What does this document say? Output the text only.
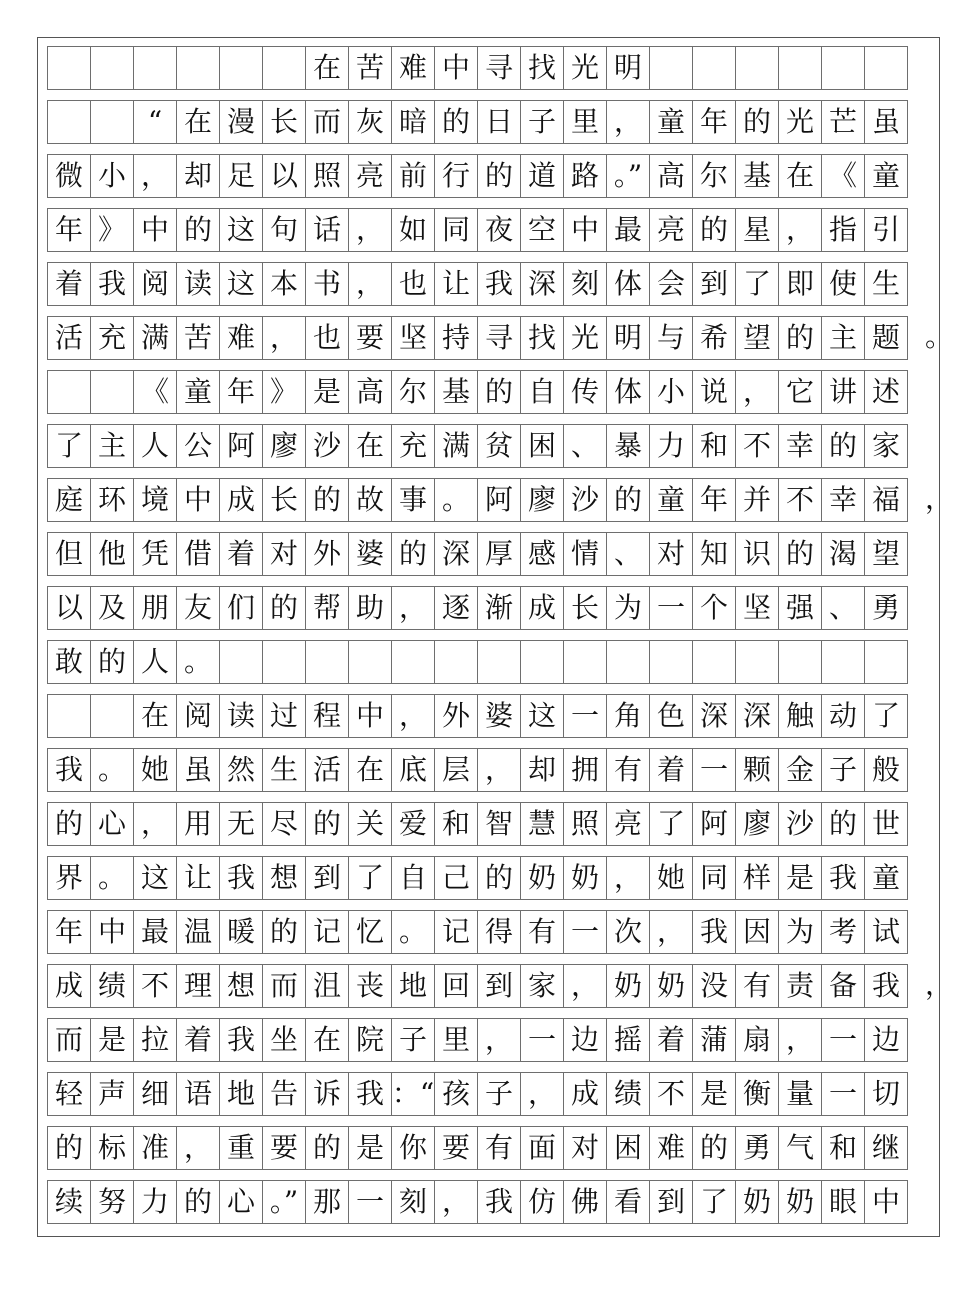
在 苦 难 中 寻 找 光 明
“ 在 漫 长 而 灰 暗 的 日 子 里 ， 童 年 的 光 芒 虽
微 小 ， 却 足 以 照 亮 前 行 的 道 路 。” 高 尔 基 在 《 童
年 》 中 的 这 句 话 ， 如 同 夜 空 中 最 亮 的 星 ， 指 引
着 我 阅 读 这 本 书 ， 也 让 我 深 刻 体 会 到 了 即 使 生
活 充 满 苦 难 ， 也 要 坚 持 寻 找 光 明 与 希 望 的 主 题
《 童 年 》 是 高 尔 基 的 自 传 体 小 说 ， 它 讲 述
了 主 人 公 阿 廖 沙 在 充 满 贫 困 、 暴 力 和 不 幸 的 家
庭 环 境 中 成 长 的 故 事 。 阿 廖 沙 的 童 年 并 不 幸 福
但 他 凭 借 着 对 外 婆 的 深 厚 感 情 、 对 知 识 的 渴 望
以 及 朋 友 们 的 帮 助 ， 逐 渐 成 长 为 一 个 坚 强 、 勇
敢 的 人 。
在 阅 读 过 程 中 ， 外 婆 这 一 角 色 深 深 触 动 了
我 。 她 虽 然 生 活 在 底 层 ， 却 拥 有 着 一 颗 金 子 般
的 心 ， 用 无 尽 的 关 爱 和 智 慧 照 亮 了 阿 廖 沙 的 世
界 。 这 让 我 想 到 了 自 己 的 奶 奶 ， 她 同 样 是 我 童
年 中 最 温 暖 的 记 忆 。 记 得 有 一 次 ， 我 因 为 考 试
成 绩 不 理 想 而 沮 丧 地 回 到 家 ， 奶 奶 没 有 责 备 我
而 是 拉 着 我 坐 在 院 子 里 ， 一 边 摇 着 蒲 扇 ， 一 边
轻 声 细 语 地 告 诉 我 ：“ 孩 子 ， 成 绩 不 是 衡 量 一 切
的 标 准 ， 重 要 的 是 你 要 有 面 对 困 难 的 勇 气 和 继
续 努 力 的 心 。” 那 一 刻 ， 我 仿 佛 看 到 了 奶 奶 眼 中
。
，
，
